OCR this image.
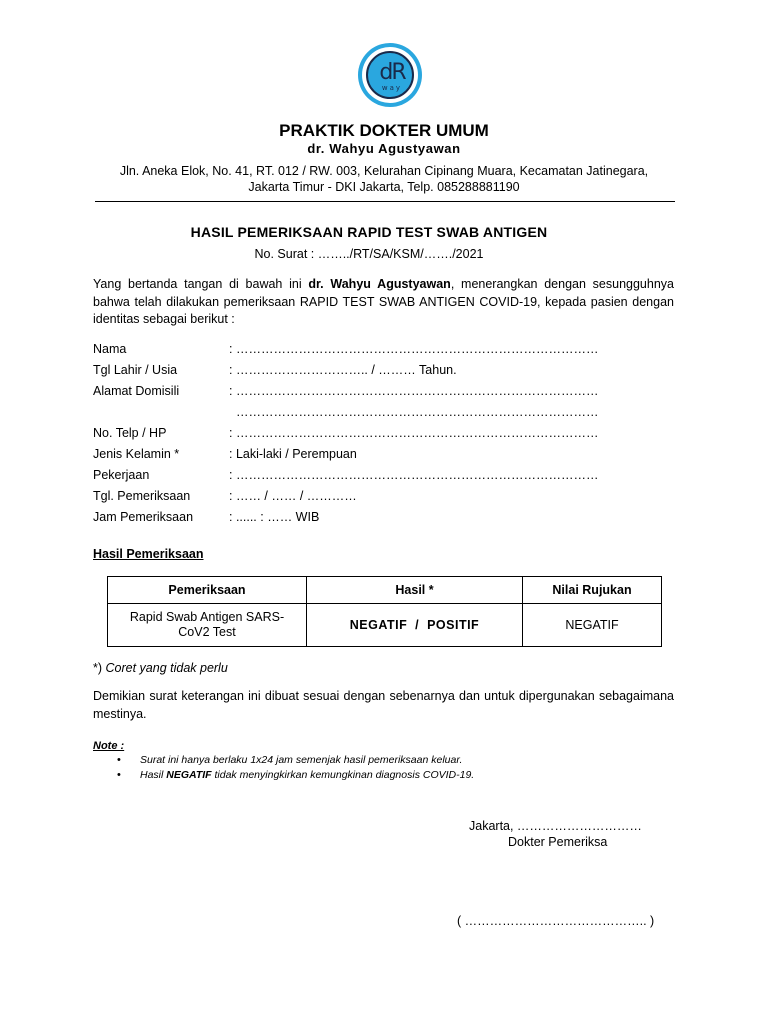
dR
way
PRAKTIK DOKTER UMUM
dr. Wahyu Agustyawan
Jln. Aneka Elok, No. 41, RT. 012 / RW. 003, Kelurahan Cipinang Muara, Kecamatan Jatinegara,
Jakarta Timur - DKI Jakarta, Telp. 085288881190
HASIL PEMERIKSAAN RAPID TEST SWAB ANTIGEN
No. Surat : ……../RT/SA/KSM/……./2021
Yang bertanda tangan di bawah ini dr. Wahyu Agustyawan, menerangkan dengan sesungguhnya bahwa telah dilakukan pemeriksaan RAPID TEST SWAB ANTIGEN COVID-19, kepada pasien dengan identitas sebagai berikut :
Nama	: ……………………………………………………………………………
Tgl Lahir / Usia	: ………………………….. / ……… Tahun.
Alamat Domisili	: ……………………………………………………………………………
……………………………………………………………………………
No. Telp / HP	: ……………………………………………………………………………
Jenis Kelamin *	: Laki-laki / Perempuan
Pekerjaan	: ……………………………………………………………………………
Tgl. Pemeriksaan	: …… / …… / …………
Jam Pemeriksaan	: ...... : …… WIB
Hasil Pemeriksaan
Pemeriksaan	Hasil *	Nilai Rujukan

Rapid Swab Antigen SARS-
CoV2 Test	NEGATIF  /  POSITIF	NEGATIF
*) Coret yang tidak perlu
Demikian surat keterangan ini dibuat sesuai dengan sebenarnya dan untuk dipergunakan sebagaimana mestinya.
Note :
• Surat ini hanya berlaku 1x24 jam semenjak hasil pemeriksaan keluar.
• Hasil NEGATIF tidak menyingkirkan kemungkinan diagnosis COVID-19.
Jakarta, …………………………
Dokter Pemeriksa
( …………………………………….. )
